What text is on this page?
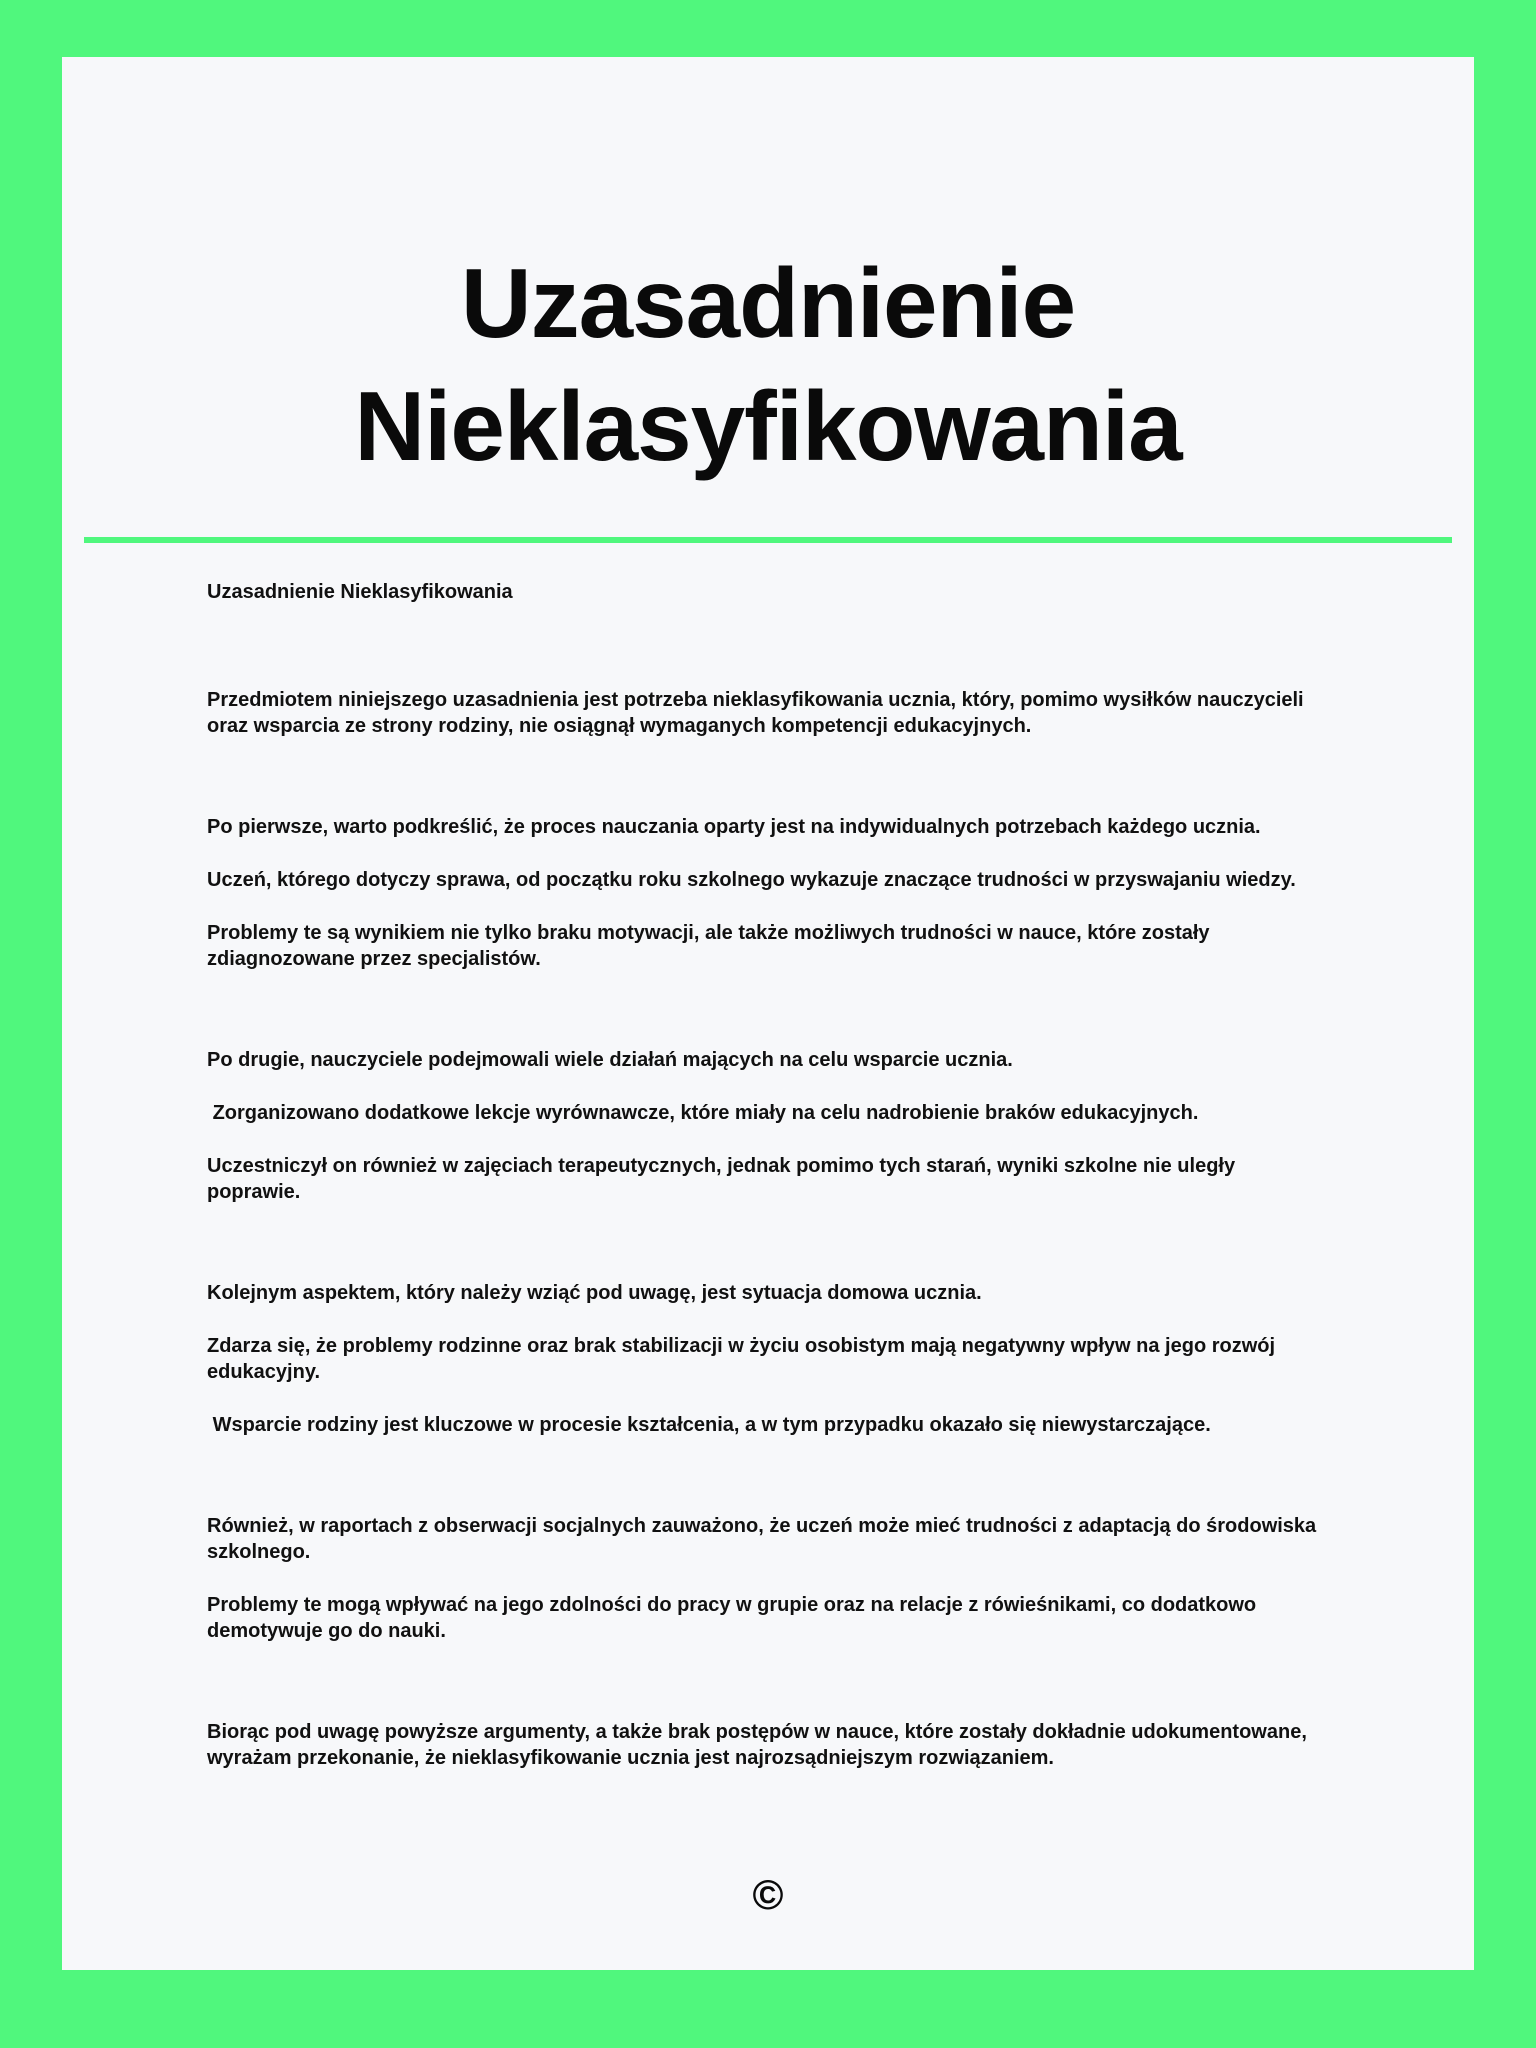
Uzasadnienie Nieklasyfikowania

Uzasadnienie Nieklasyfikowania

Przedmiotem niniejszego uzasadnienia jest potrzeba nieklasyfikowania ucznia, który, pomimo wysiłków nauczycieli oraz wsparcia ze strony rodziny, nie osiągnął wymaganych kompetencji edukacyjnych.

Po pierwsze, warto podkreślić, że proces nauczania oparty jest na indywidualnych potrzebach każdego ucznia.

Uczeń, którego dotyczy sprawa, od początku roku szkolnego wykazuje znaczące trudności w przyswajaniu wiedzy.

Problemy te są wynikiem nie tylko braku motywacji, ale także możliwych trudności w nauce, które zostały zdiagnozowane przez specjalistów.

Po drugie, nauczyciele podejmowali wiele działań mających na celu wsparcie ucznia.

Zorganizowano dodatkowe lekcje wyrównawcze, które miały na celu nadrobienie braków edukacyjnych.

Uczestniczył on również w zajęciach terapeutycznych, jednak pomimo tych starań, wyniki szkolne nie uległy poprawie.

Kolejnym aspektem, który należy wziąć pod uwagę, jest sytuacja domowa ucznia.

Zdarza się, że problemy rodzinne oraz brak stabilizacji w życiu osobistym mają negatywny wpływ na jego rozwój edukacyjny.

Wsparcie rodziny jest kluczowe w procesie kształcenia, a w tym przypadku okazało się niewystarczające.

Również, w raportach z obserwacji socjalnych zauważono, że uczeń może mieć trudności z adaptacją do środowiska szkolnego.

Problemy te mogą wpływać na jego zdolności do pracy w grupie oraz na relacje z rówieśnikami, co dodatkowo demotywuje go do nauki.

Biorąc pod uwagę powyższe argumenty, a także brak postępów w nauce, które zostały dokładnie udokumentowane, wyrażam przekonanie, że nieklasyfikowanie ucznia jest najrozsądniejszym rozwiązaniem.

©
